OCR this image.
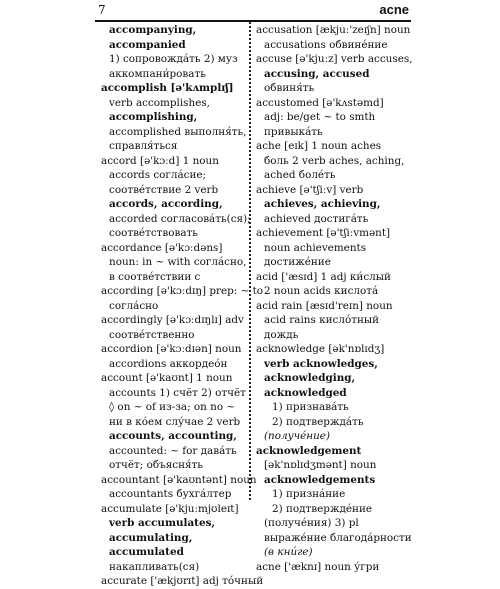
7	acne
accompanying,
accompanied
1) сопровожда́ть 2) муз
аккомпани́ровать
accomplish [ə'kʌmplɪʃ]
verb accomplishes,
accomplishing,
accomplished выполня́ть,
справля́ться
accord [ə'kɔːd] 1 noun
accords согла́сие;
соотве́тствие 2 verb
accords, according,
accorded согласова́ть(ся);
соотве́тствовать
accordance [ə'kɔːdəns]
noun: in ~ with согла́сно,
в соотве́тствии с
according [ə'kɔːdɪŋ] prep: ~ to
согла́сно
accordingly [ə'kɔːdɪŋlɪ] adv
соотве́тственно
accordion [ə'kɔːdɪən] noun
accordions аккордео́н
account [ə'kaʊnt] 1 noun
accounts 1) счёт 2) отчёт
◊ on ~ of из-за; on no ~
ни в ко́ем слу́чае 2 verb
accounts, accounting,
accounted: ~ for дава́ть
отчёт; объясня́ть
accountant [ə'kaʊntənt] noun
accountants бухга́лтер
accumulate [ə'kjuːmjʊleɪt]
verb accumulates,
accumulating,
accumulated
накапливать(ся)
accurate ['ækjʊrɪt] adj то́чный
accusation [ækjuː'zeɪʃn] noun
accusations обвине́ние
accuse [ə'kjuːz] verb accuses,
accusing, accused
обвиня́ть
accustomed [ə'kʌstəmd]
adj: be/get ~ to smth
привыка́ть
ache [eɪk] 1 noun aches
боль 2 verb aches, aching,
ached боле́ть
achieve [ə'tʃiːv] verb
achieves, achieving,
achieved достига́ть
achievement [ə'tʃiːvmənt]
noun achievements
достиже́ние
acid ['æsɪd] 1 adj ки́слый
2 noun acids кислота́
acid rain [æsɪd'reɪn] noun
acid rains кисло́тный
дождь
acknowledge [ək'nɒlɪdʒ]
verb acknowledges,
acknowledging,
acknowledged
1) признава́ть
2) подтвержда́ть
(получе́ние)
acknowledgement
[ək'nɒlɪdʒmənt] noun
acknowledgements
1) призна́ние
2) подтвержде́ние
(получе́ния) 3) pl
выраже́ние благода́рности
(в кни́ге)
acne ['æknɪ] noun у́гри
